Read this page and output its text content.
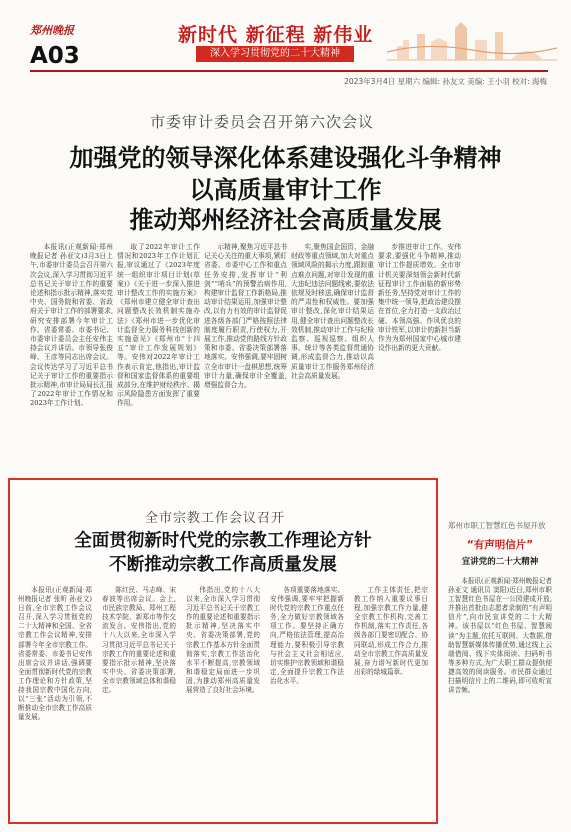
郑州晚报
A03
新时代 新征程 新伟业
深入学习贯彻党的二十大精神
2023年3月4日 星期六 编辑: 孙友文 美编: 王小羽 校对: 海梅
市委审计委员会召开第六次会议
加强党的领导深化体系建设强化斗争精神
以高质量审计工作
推动郑州经济社会高质量发展

本报讯(正观新闻·郑州晚报记者 孙亚文)3月3日上午,市委审计委员会召开第六次会议,深入学习贯彻习近平总书记关于审计工作的重要论述和指示批示精神,落实党中央、国务院和省委、省政府关于审计工作的部署要求,研究安排部署今年审计工作。省委常委、市委书记、市委审计委员会主任安伟主持会议并讲话。市领导张俊峰、王彦等同志出席会议。会议传达学习了习近平总书记关于审计工作的重要指示批示精神,市审计局局长汇报了2022年审计工作情况和2023年工作计划。

取了2022年审计工作情况和2023年工作计划汇报,审议通过了《2023年度统一组织审计项目计划(草案)》《关于进一步深入推进审计整改工作的实施方案》《郑州市建立健全审计查出问题整改长效机制实施办法》《郑州市进一步优化审计监督全力服务科技创新的实施意见》《郑州市“十四五”审计工作发展规划》等。安伟对2022年审计工作表示肯定,他指出,审计监督和国家监督体系的重要组成部分,在维护财经秩序、揭示风险隐患方面发挥了重要作用。

示精神,聚焦习近平总书记关心关注的重大事项,紧盯省委、市委中心工作和重点任务安排,发挥审计“利剑”“哨兵”的预警治病作用,构建审计监督工作新格局,推动审计结果运用,加强审计整改,以有力有效的审计监督促进各级各部门严格按照法律制度履行职责,行使权力,开展工作,推动党的路线方针政策和市委、省委决策部署落地落实。安伟强调,要牢固树立全市审计一盘棋思想,统筹审计力量,确保审计全覆盖,增强监督合力。

实,聚焦国企国资、金融财政等重点领域,加大对重点领域风险的揭示力度,跟踪重点难点问题,对审计发现的重大违纪违法问题线索,要依法依规及时移送,确保审计监督的严肃性和权威性。要加强审计整改,深化审计结果运用,健全审计查出问题整改长效机制,推动审计工作与纪检监察、巡视巡察、组织人事、统计等各类监督贯通协调,形成监督合力,推动以高质量审计工作服务郑州经济社会高质量发展。

步推进审计工作。安伟要求,要强化斗争精神,推动审计工作提质增效。全市审计机关要深刻领会新时代新征程审计工作面临的新形势新任务,坚持党对审计工作的集中统一领导,把政治建设摆在首位,全力打造一支政治过硬、本领高强、作风优良的审计铁军,以审计的新担当新作为为郑州国家中心城市建设作出新的更大贡献。

全市宗教工作会议召开
全面贯彻新时代党的宗教工作理论方针
不断推动宗教工作高质量发展

本报讯(正观新闻·郑州晚报记者 张昕 孙亚文)日前,全市宗教工作会议召开,深入学习贯彻党的二十大精神和全国、全省宗教工作会议精神,安排部署今年全市宗教工作。省委常委、市委书记安伟出席会议并讲话,强调要全面贯彻新时代党的宗教工作理论和方针政策,坚持我国宗教中国化方向,以“三张”活动为引领,不断推动全市宗教工作高质量发展。

陈红民、马志峰、宋春波等出席会议。会上,市民族宗教局、郑州工程技术学院、新郑市等作交流发言。安伟指出,党的十八大以来,全市深入学习贯彻习近平总书记关于宗教工作的重要论述和重要指示批示精神,坚决落实中央、省委决策部署,全市宗教领域总体和谐稳定。

伟指出,党的十八大以来,全市深入学习贯彻习近平总书记关于宗教工作的重要论述和重要指示批示精神,坚决落实中央、省委决策部署,党的宗教工作基本方针全面贯彻落实,宗教工作法治化水平不断提高,宗教领域和谐稳定局面进一步巩固,为推动郑州高质量发展营造了良好社会环境。

各项重要落地落实。安伟强调,要牢牢把握新时代党的宗教工作重点任务,全力做好宗教领域各项工作。要坚持正确方向,严格依法管理,提高治理能力,要积极引导宗教与社会主义社会相适应,切实维护宗教领域和谐稳定,全面提升宗教工作法治化水平。

工作主体责任,把宗教工作纳入重要议事日程,加强宗教工作力量,健全宗教工作机构,完善工作机制,落实工作责任,各级各部门要密切配合、协同联动,形成工作合力,推动全市宗教工作高质量发展,奋力谱写新时代更加出彩的绿城篇章。

郑州市职工智慧红色书屋开放
“有声明信片”
宣讲党的二十大精神

本报讯(正观新闻·郑州晚报记者 孙亚文 通讯员 窦阳)近日,郑州市职工智慧红色书屋在一公园建成开放,并推出首批由志愿者录制的“有声明信片”,向市民宣讲党的二十大精神。该书屋以“红色书屋、智慧阅读”为主题,依托互联网、大数据,借助智慧新媒体传播优势,通过线上云端借阅、线下实体阅读、扫码听书等多种方式,为广大职工群众提供便捷高效的阅读服务。市民群众通过扫描明信片上的二维码,即可收听宣讲音频。
